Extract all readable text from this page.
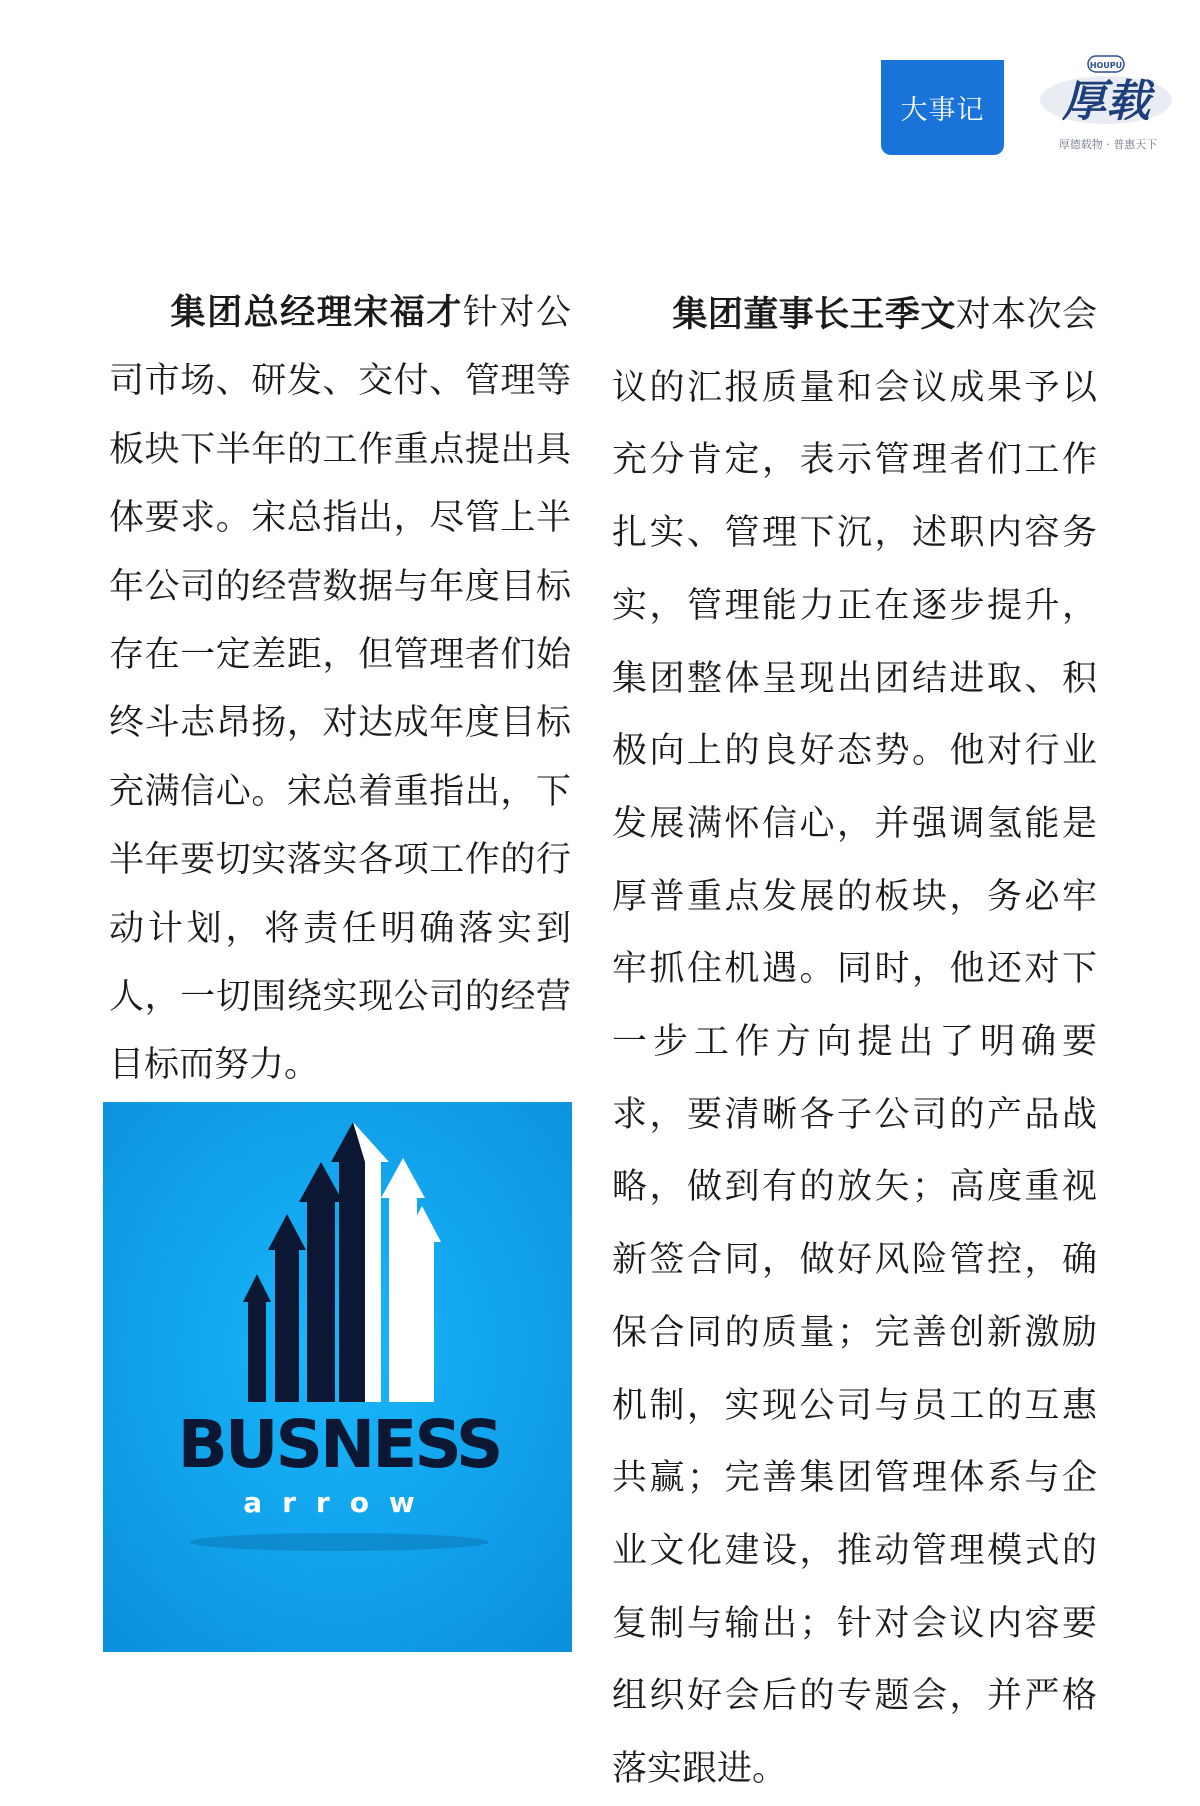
大事记
HOUPU
厚载
厚德载物 · 普惠天下

集团总经理宋福才针对公司市场、研发、交付、管理等板块下半年的工作重点提出具体要求。宋总指出，尽管上半年公司的经营数据与年度目标存在一定差距，但管理者们始终斗志昂扬，对达成年度目标充满信心。宋总着重指出，下半年要切实落实各项工作的行动计划，将责任明确落实到人，一切围绕实现公司的经营目标而努力。

BUSNESS
arrow

集团董事长王季文对本次会议的汇报质量和会议成果予以充分肯定，表示管理者们工作扎实、管理下沉，述职内容务实，管理能力正在逐步提升，集团整体呈现出团结进取、积极向上的良好态势。他对行业发展满怀信心，并强调氢能是厚普重点发展的板块，务必牢牢抓住机遇。同时，他还对下一步工作方向提出了明确要求，要清晰各子公司的产品战略，做到有的放矢；高度重视新签合同，做好风险管控，确保合同的质量；完善创新激励机制，实现公司与员工的互惠共赢；完善集团管理体系与企业文化建设，推动管理模式的复制与输出；针对会议内容要组织好会后的专题会，并严格落实跟进。
